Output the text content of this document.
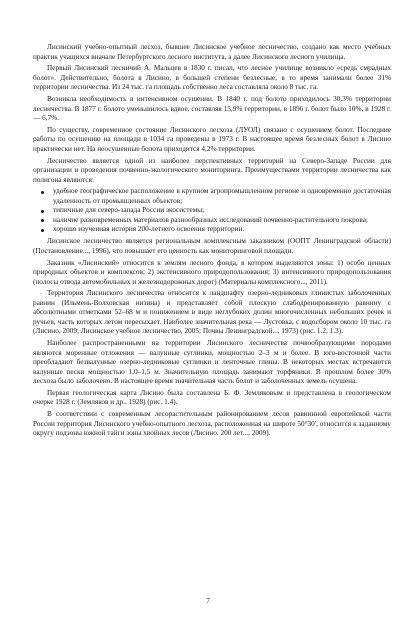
Лисинский учебно-опытный лесхоз, бывшее Лисинское учебное лесничество, создано как место учебных практик учащихся вначале Петербургского лесного института, а далее Лисинского лесного училища.

Первый Лисинский лесничий А. Мальцев в 1830 г. писал, что лесное училище возникло «средь смрадных болот». Действительно, болота в Лисино, в большей степени безлесные, в то время занимали более 31% территории лесничества. Из 24 тыс. га площадь собственно леса составляла около 8 тыс. га.

Возникла необходимость в интенсивном осушении. В 1840 г. под болото приходилось 30,3% территории лесничества. В 1877 г. болото уменьшилось вдвое, составляя 15,9% территории, в 1896 г. болот было 10%, в 1928 г. — 6,7%.

По существу, современное состояние Лисинского лесхоза (ЛУОЛ) связано с осушением болот. Последние работы по осушению на площади в 1034 га проведены в 1973 г. В настоящее время безлесных болот в Лисино практически нет. На неосушенные болота приходится 4,2% территории.

Лесничество является одной из наиболее перспективных территорий на Северо-Западе России для организации и проведения почвенно-экологического мониторинга. Преимуществами территории лесничества как полигона являются:

удобное географическое расположение в крупном агропромышленном регионе и одновременно достаточная удаленность от промышленных объектов;
типичные для северо-запада России экосистемы;
наличие разновременных материалов разнообразных исследований почвенно-растительного покрова;
хорошо изученная история 200-летнего освоения территории.

Лисинское лесничество является региональным комплексным заказником (ООПТ Ленинградской области) (Постановление..., 1996), что повышает его ценность как мониторинговой площади.

Заказник «Лисинский» относится к землям лесного фонда, в котором выделяются зоны: 1) особо ценных природных объектов и комплексов; 2) экстенсивного природопользования; 3) интенсивного природопользования (полосы отвода автомобильных и железнодорожных дорог) (Материалы комплексного..., 2011).

Территория Лисинского лесничества относится к ландшафту озерно-ледниковых глинистых заболоченных равнин (Ильмень-Волховская низина) и представляет собой плоскую слабодренированную равнину с абсолютными отметками 52–68 м и понижением в виде неглубоких долин многочисленных небольших речек и ручьев, часть которых летом пересыхает. Наиболее значительная река — Лустовка, с водосбором около 10 тыс. га (Лисино, 2009; Лисинское учебное лесничество, 2005; Почвы Ленинградской..., 1973) (рис. 1.2, 1.3).

Наиболее распространенными на территории Лисинского лесничества почвообразующими породами являются моренные отложения — валунные суглинки, мощностью 2–3 м и более. В юго-восточной части преобладают безвалунные озерно-ледниковые суглинки и ленточные глины. В некоторых местах встречаются валунные пески мощностью 1,0–1,5 м. Значительную площадь занимают торфяники. В прошлом более 30% лесхоза было заболочено. В настоящее время значительная часть болот и заболоченных земель осушена.

Первая геологическая карта Лисино была составлена Б. Ф. Земляковым и представлена в геологическом очерке 1928 г. (Земляков и др., 1928) (рис. 1.4).

В соответствии с современным лесорастительным районированием лесов равнинной европейской части России территория Лисинского учебно-опытного лесхоза, расположенная на широте 50°30', относится к заданному округу подзоны южной тайги зоны хвойных лесов (Лисино. 200 лет..., 2009).

7
